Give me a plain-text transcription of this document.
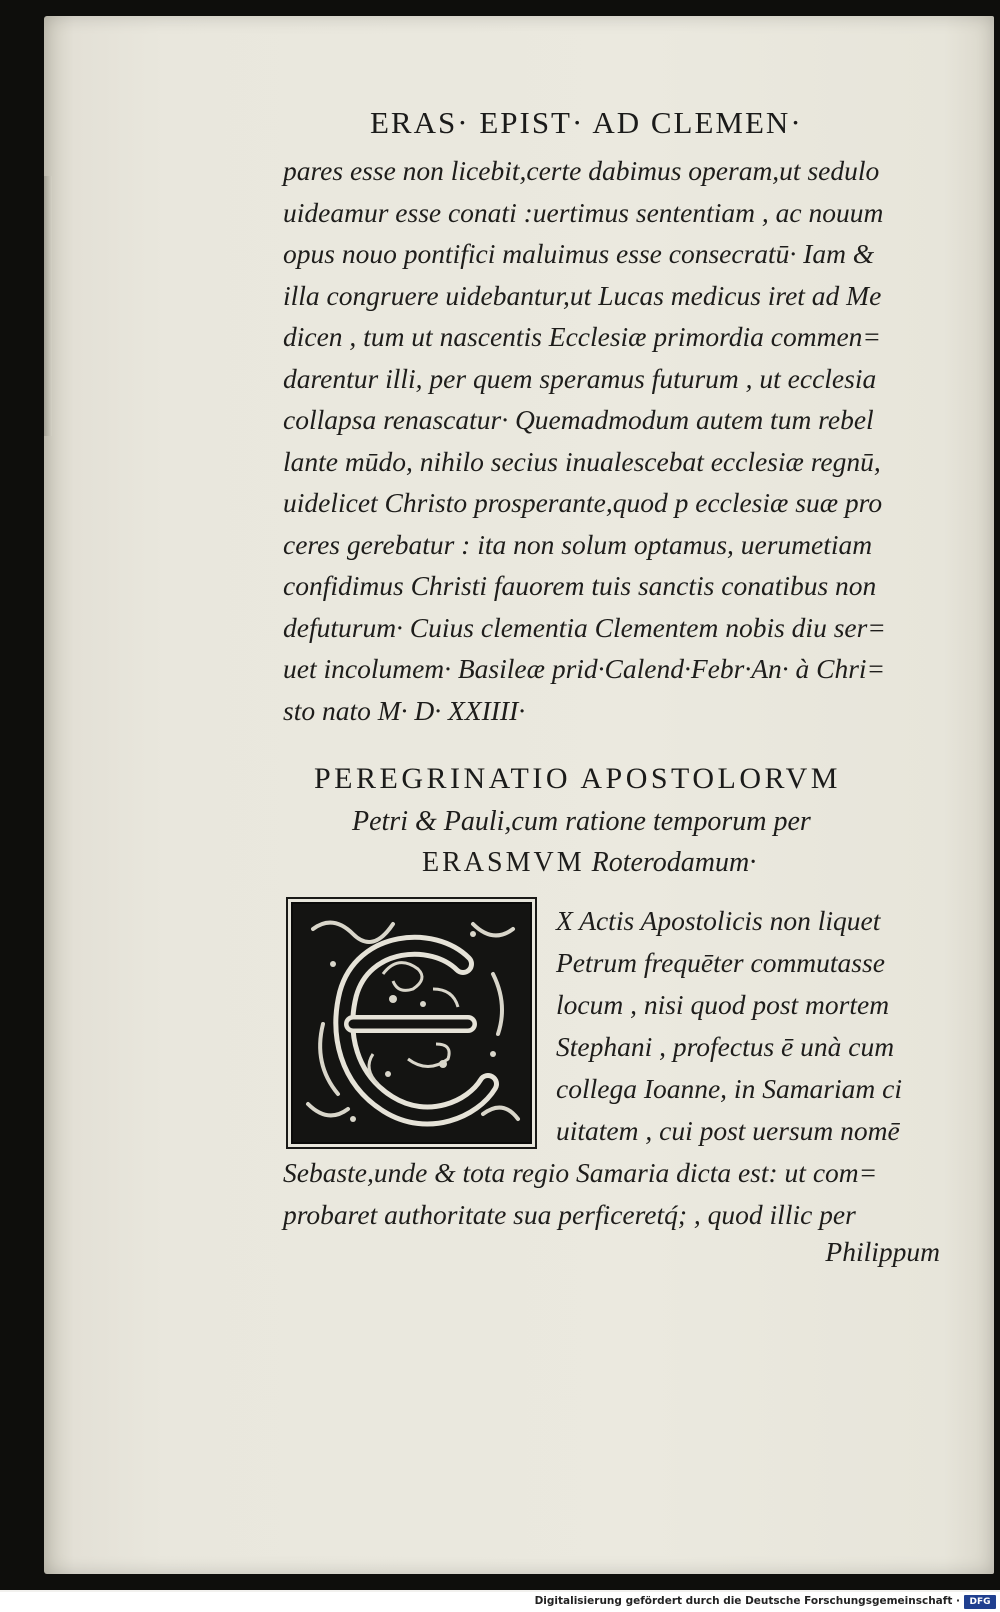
ERAS· EPIST· AD CLEMEN·
pares esse non licebit,certe dabimus operam,ut sedulo
uideamur esse conati :uertimus sententiam , ac nouum
opus nouo pontifici maluimus esse consecratū· Iam &
illa congruere uidebantur,ut Lucas medicus iret ad Me
dicen , tum ut nascentis Ecclesiæ primordia commen=
darentur illi, per quem speramus futurum , ut ecclesia
collapsa renascatur· Quemadmodum autem tum rebel
lante mūdo, nihilo secius inualescebat ecclesiæ regnū,
uidelicet Christo prosperante,quod p ecclesiæ suæ pro
ceres gerebatur : ita non solum optamus, uerumetiam
confidimus Christi fauorem tuis sanctis conatibus non
defuturum· Cuius clementia Clementem nobis diu ser=
uet incolumem· Basileæ prid·Calend·Febr·An· à Chri=
sto nato M· D· XXIIII·
PEREGRINATIO APOSTOLORVM
Petri & Pauli,cum ratione temporum per
ERASMVM Roterodamum·
X Actis Apostolicis non liquet
Petrum frequēter commutasse
locum , nisi quod post mortem
Stephani , profectus ē unà cum
collega Ioanne, in Samariam ci
uitatem , cui post uersum nomē
Sebaste,unde & tota regio Samaria dicta est: ut com=
probaret authoritate sua perficeretq́; , quod illic per
Philippum
Digitalisierung gefördert durch die Deutsche Forschungsgemeinschaft ·	DFG
